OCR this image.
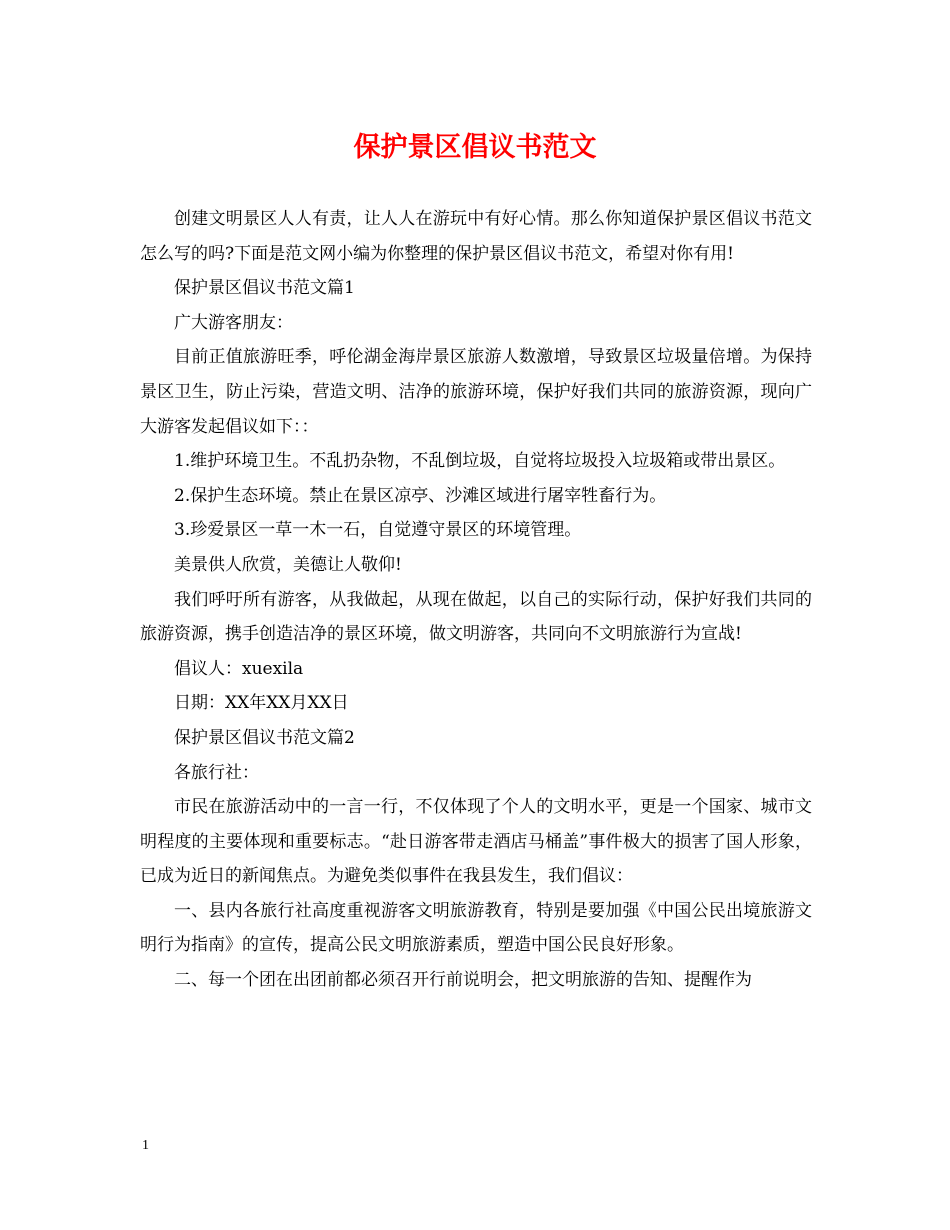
保护景区倡议书范文

创建文明景区人人有责，让人人在游玩中有好心情。那么你知道保护景区倡议书范文怎么写的吗?下面是范文网小编为你整理的保护景区倡议书范文，希望对你有用!

保护景区倡议书范文篇1

广大游客朋友：

目前正值旅游旺季，呼伦湖金海岸景区旅游人数激增，导致景区垃圾量倍增。为保持景区卫生，防止污染，营造文明、洁净的旅游环境，保护好我们共同的旅游资源，现向广大游客发起倡议如下：：

1.维护环境卫生。不乱扔杂物，不乱倒垃圾，自觉将垃圾投入垃圾箱或带出景区。

2.保护生态环境。禁止在景区凉亭、沙滩区域进行屠宰牲畜行为。

3.珍爱景区一草一木一石，自觉遵守景区的环境管理。

美景供人欣赏，美德让人敬仰!

我们呼吁所有游客，从我做起，从现在做起，以自己的实际行动，保护好我们共同的旅游资源，携手创造洁净的景区环境，做文明游客，共同向不文明旅游行为宣战!

倡议人：xuexila

日期：XX年XX月XX日

保护景区倡议书范文篇2

各旅行社：

市民在旅游活动中的一言一行，不仅体现了个人的文明水平，更是一个国家、城市文明程度的主要体现和重要标志。“赴日游客带走酒店马桶盖”事件极大的损害了国人形象，已成为近日的新闻焦点。为避免类似事件在我县发生，我们倡议：

一、县内各旅行社高度重视游客文明旅游教育，特别是要加强《中国公民出境旅游文明行为指南》的宣传，提高公民文明旅游素质，塑造中国公民良好形象。

二、每一个团在出团前都必须召开行前说明会，把文明旅游的告知、提醒作为

1
